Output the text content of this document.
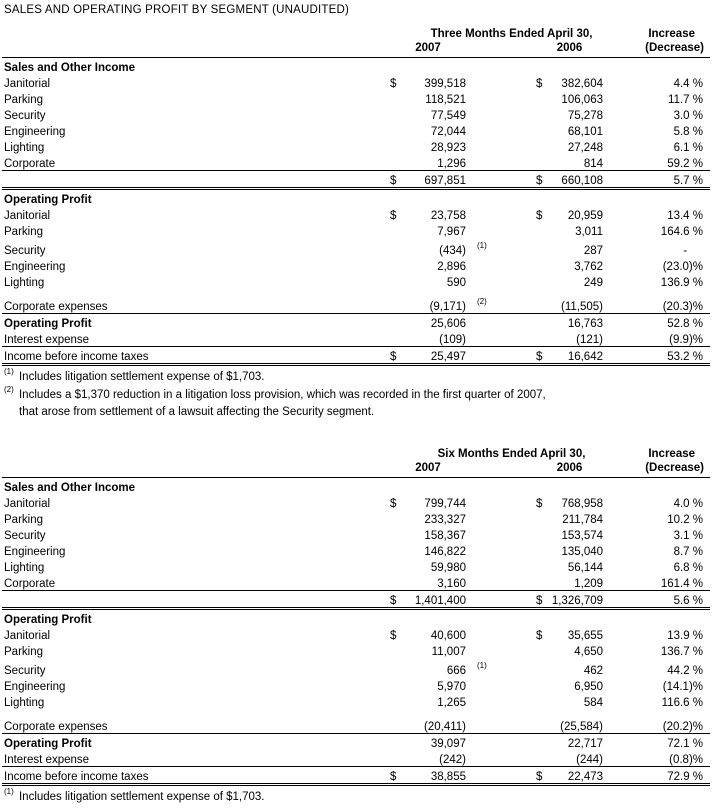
SALES AND OPERATING PROFIT BY SEGMENT (UNAUDITED)
	Three Months Ended April 30,					Increase
	2007			2006		(Decrease)
Sales and Other Income						
Janitorial	$	399,518		$	382,604	4.4 %
Parking		118,521			106,063	11.7 %
Security		77,549			75,278	3.0 %
Engineering		72,044			68,101	5.8 %
Lighting		28,923			27,248	6.1 %
Corporate		1,296			814	59.2 %
	$	697,851		$	660,108	5.7 %
Operating Profit						
Janitorial	$	23,758		$	20,959	13.4 %
Parking		7,967			3,011	164.6 %
Security		(434)	$^{(1)}$		287	-
Engineering		2,896			3,762	(23.0)%
Lighting		590			249	136.9 %
Corporate expenses		(9,171)	$^{(2)}$		(11,505)	(20.3)%
Operating Profit		25,606			16,763	52.8 %
Interest expense		(109)			(121)	(9.9)%
Income before income taxes	$	25,497		$	16,642	53.2 %
$^{(1)}$ Includes litigation settlement expense of $1,703.
$^{(2)}$ Includes a $1,370 reduction in a litigation loss provision, which was recorded in the first quarter of 2007,
that arose from settlement of a lawsuit affecting the Security segment.
	Six Months Ended April 30,					Increase
	2007			2006		(Decrease)
Sales and Other Income						
Janitorial	$	799,744		$	768,958	4.0 %
Parking		233,327			211,784	10.2 %
Security		158,367			153,574	3.1 %
Engineering		146,822			135,040	8.7 %
Lighting		59,980			56,144	6.8 %
Corporate		3,160			1,209	161.4 %
	$	1,401,400		$	1,326,709	5.6 %
Operating Profit						
Janitorial	$	40,600		$	35,655	13.9 %
Parking		11,007			4,650	136.7 %
Security		666	$^{(1)}$		462	44.2 %
Engineering		5,970			6,950	(14.1)%
Lighting		1,265			584	116.6 %
Corporate expenses		(20,411)			(25,584)	(20.2)%
Operating Profit		39,097			22,717	72.1 %
Interest expense		(242)			(244)	(0.8)%
Income before income taxes	$	38,855		$	22,473	72.9 %
$^{(1)}$ Includes litigation settlement expense of $1,703.
